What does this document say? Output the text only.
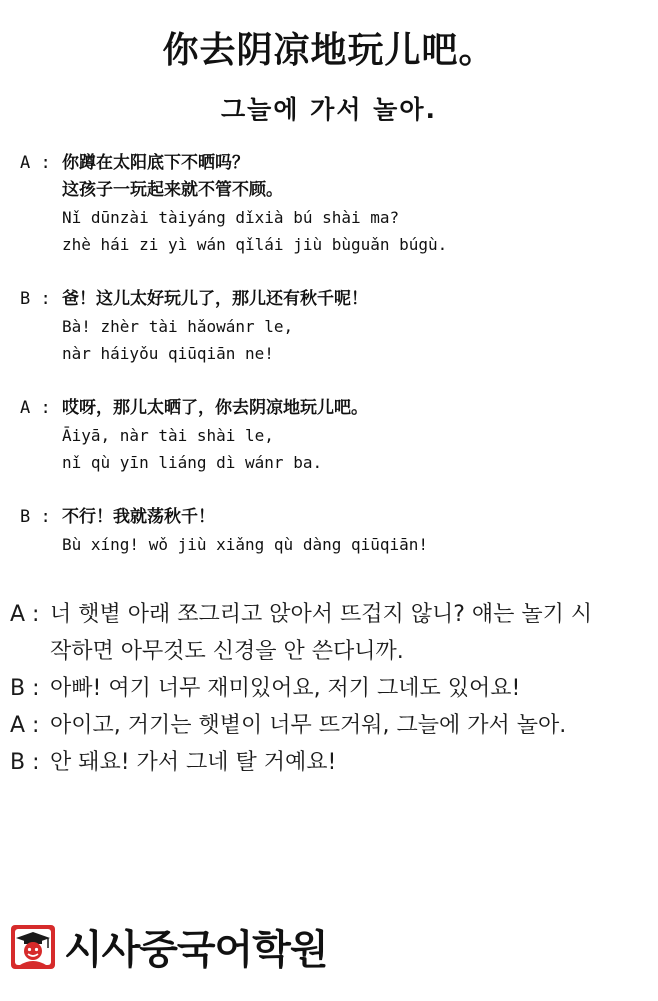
你去阴凉地玩儿吧。
그늘에 가서 놀아.
A : 你蹲在太阳底下不晒吗？
这孩子一玩起来就不管不顾。
Nǐ dūnzài tàiyáng dǐxià bú shài ma?
zhè hái zi yì wán qǐlái jiù bùguǎn búgù.
B : 爸！这儿太好玩儿了，那儿还有秋千呢！
Bà! zhèr tài hǎowánr le,
nàr háiyǒu qiūqiān ne!
A : 哎呀，那儿太晒了，你去阴凉地玩儿吧。
Āiyā, nàr tài shài le,
nǐ qù yīn liáng dì wánr ba.
B : 不行！我就荡秋千！
Bù xíng! wǒ jiù xiǎng qù dàng qiūqiān!
A : 너 햇볕 아래 쪼그리고 앉아서 뜨겁지 않니? 얘는 놀기 시
작하면 아무것도 신경을 안 쓴다니까.
B : 아빠! 여기 너무 재미있어요, 저기 그네도 있어요!
A : 아이고, 거기는 햇볕이 너무 뜨거워, 그늘에 가서 놀아.
B : 안 돼요! 가서 그네 탈 거예요!
시사중국어학원
